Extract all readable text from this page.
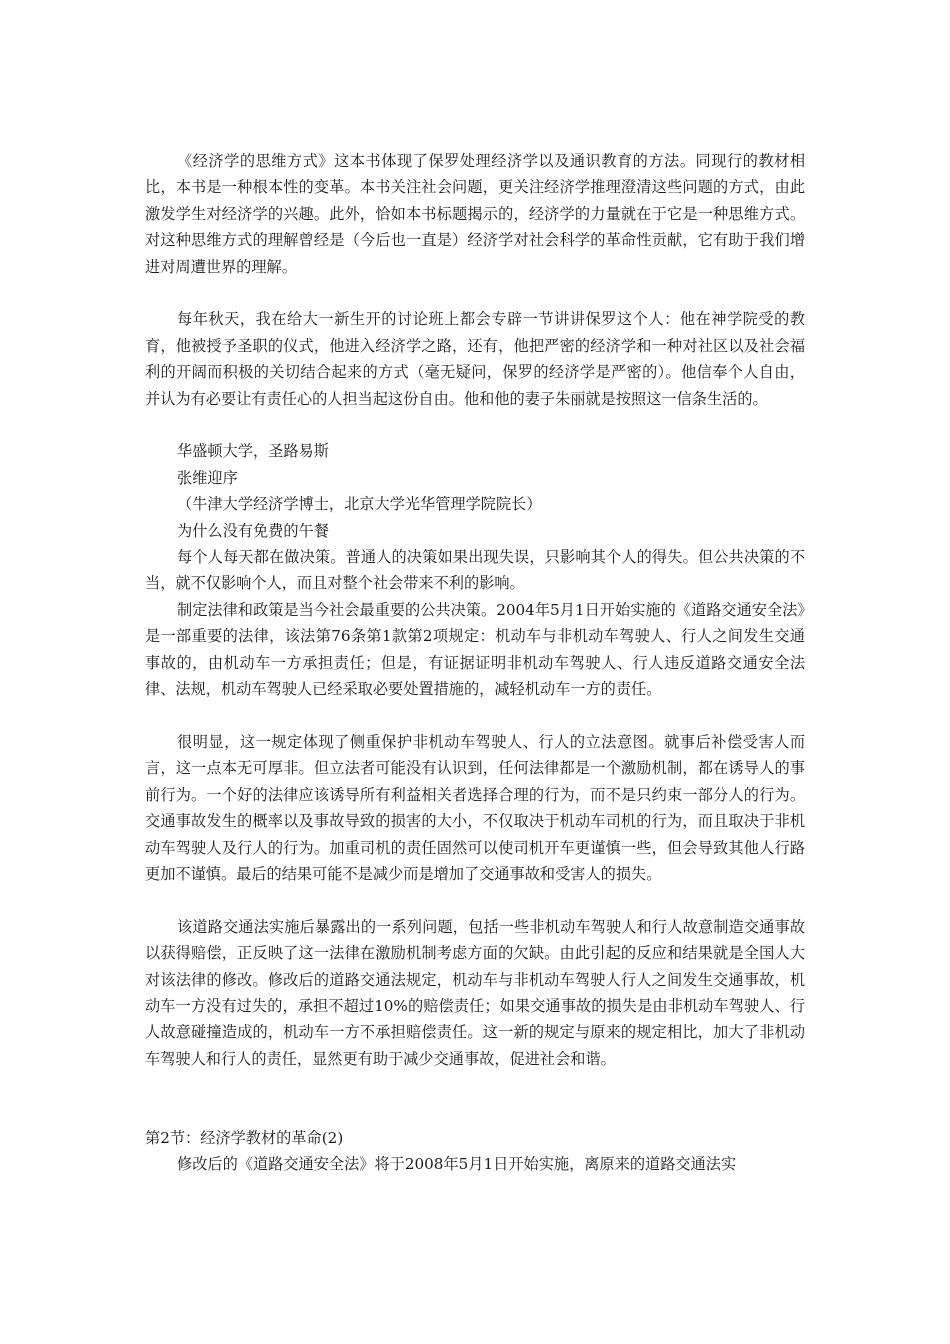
《经济学的思维方式》这本书体现了保罗处理经济学以及通识教育的方法。同现行的教材相比，本书是一种根本性的变革。本书关注社会问题，更关注经济学推理澄清这些问题的方式，由此激发学生对经济学的兴趣。此外，恰如本书标题揭示的，经济学的力量就在于它是一种思维方式。对这种思维方式的理解曾经是（今后也一直是）经济学对社会科学的革命性贡献，它有助于我们增进对周遭世界的理解。

每年秋天，我在给大一新生开的讨论班上都会专辟一节讲讲保罗这个人：他在神学院受的教育，他被授予圣职的仪式，他进入经济学之路，还有，他把严密的经济学和一种对社区以及社会福利的开阔而积极的关切结合起来的方式（毫无疑问，保罗的经济学是严密的）。他信奉个人自由，并认为有必要让有责任心的人担当起这份自由。他和他的妻子朱丽就是按照这一信条生活的。

华盛顿大学，圣路易斯

张维迎序

（牛津大学经济学博士，北京大学光华管理学院院长）

为什么没有免费的午餐

每个人每天都在做决策。普通人的决策如果出现失误，只影响其个人的得失。但公共决策的不当，就不仅影响个人，而且对整个社会带来不利的影响。

制定法律和政策是当今社会最重要的公共决策。2004年5月1日开始实施的《道路交通安全法》是一部重要的法律，该法第76条第1款第2项规定：机动车与非机动车驾驶人、行人之间发生交通事故的，由机动车一方承担责任；但是，有证据证明非机动车驾驶人、行人违反道路交通安全法律、法规，机动车驾驶人已经采取必要处置措施的，减轻机动车一方的责任。

很明显，这一规定体现了侧重保护非机动车驾驶人、行人的立法意图。就事后补偿受害人而言，这一点本无可厚非。但立法者可能没有认识到，任何法律都是一个激励机制，都在诱导人的事前行为。一个好的法律应该诱导所有利益相关者选择合理的行为，而不是只约束一部分人的行为。交通事故发生的概率以及事故导致的损害的大小，不仅取决于机动车司机的行为，而且取决于非机动车驾驶人及行人的行为。加重司机的责任固然可以使司机开车更谨慎一些，但会导致其他人行路更加不谨慎。最后的结果可能不是减少而是增加了交通事故和受害人的损失。

该道路交通法实施后暴露出的一系列问题，包括一些非机动车驾驶人和行人故意制造交通事故以获得赔偿，正反映了这一法律在激励机制考虑方面的欠缺。由此引起的反应和结果就是全国人大对该法律的修改。修改后的道路交通法规定，机动车与非机动车驾驶人行人之间发生交通事故，机动车一方没有过失的，承担不超过10%的赔偿责任；如果交通事故的损失是由非机动车驾驶人、行人故意碰撞造成的，机动车一方不承担赔偿责任。这一新的规定与原来的规定相比，加大了非机动车驾驶人和行人的责任，显然更有助于减少交通事故，促进社会和谐。

第2节：经济学教材的革命(2)

修改后的《道路交通安全法》将于2008年5月1日开始实施，离原来的道路交通法实
